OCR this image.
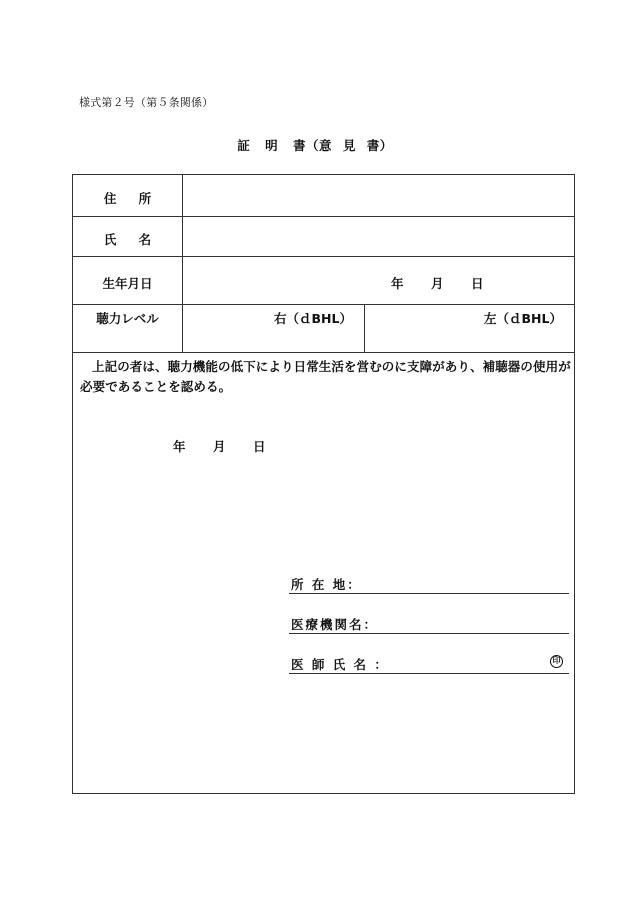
様式第２号（第５条関係）
証 明 書（意 見 書）
住 所
氏 名
生年月日	年 月 日
聴力レベル	右（ｄBHL）	左（ｄBHL）
上記の者は、聴力機能の低下により日常生活を営むのに支障があり、補聴器の使用が必要であることを認める。
年 月 日
所 在 地：
医療機関名：
医 師 氏 名 ：	印
